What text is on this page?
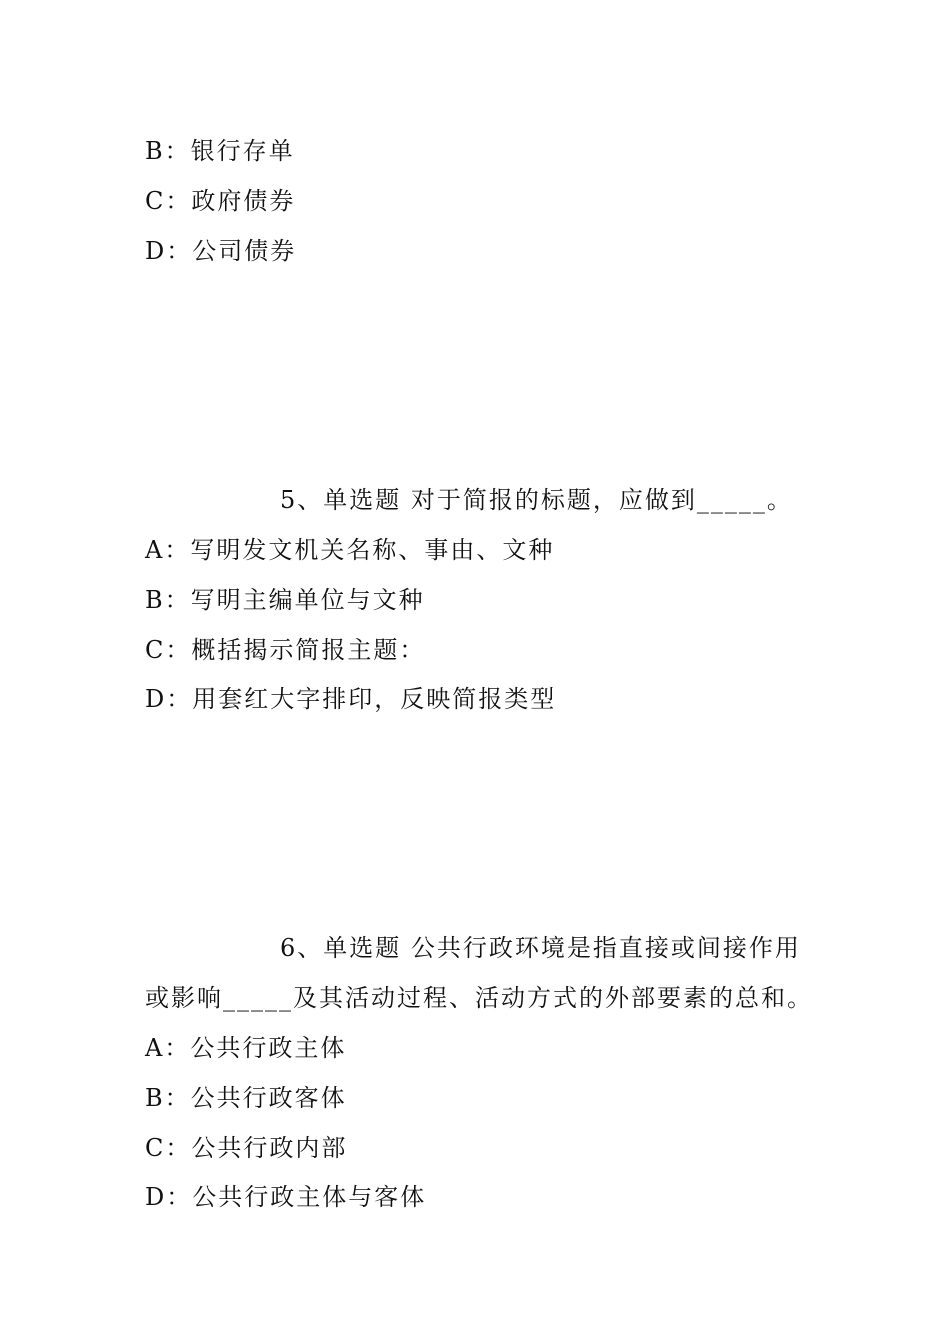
B：银行存单
C：政府债券
D：公司债券
5、单选题 对于简报的标题，应做到_____。
A：写明发文机关名称、事由、文种
B：写明主编单位与文种
C：概括揭示简报主题：
D：用套红大字排印，反映简报类型
6、单选题 公共行政环境是指直接或间接作用
或影响_____及其活动过程、活动方式的外部要素的总和。
A：公共行政主体
B：公共行政客体
C：公共行政内部
D：公共行政主体与客体
